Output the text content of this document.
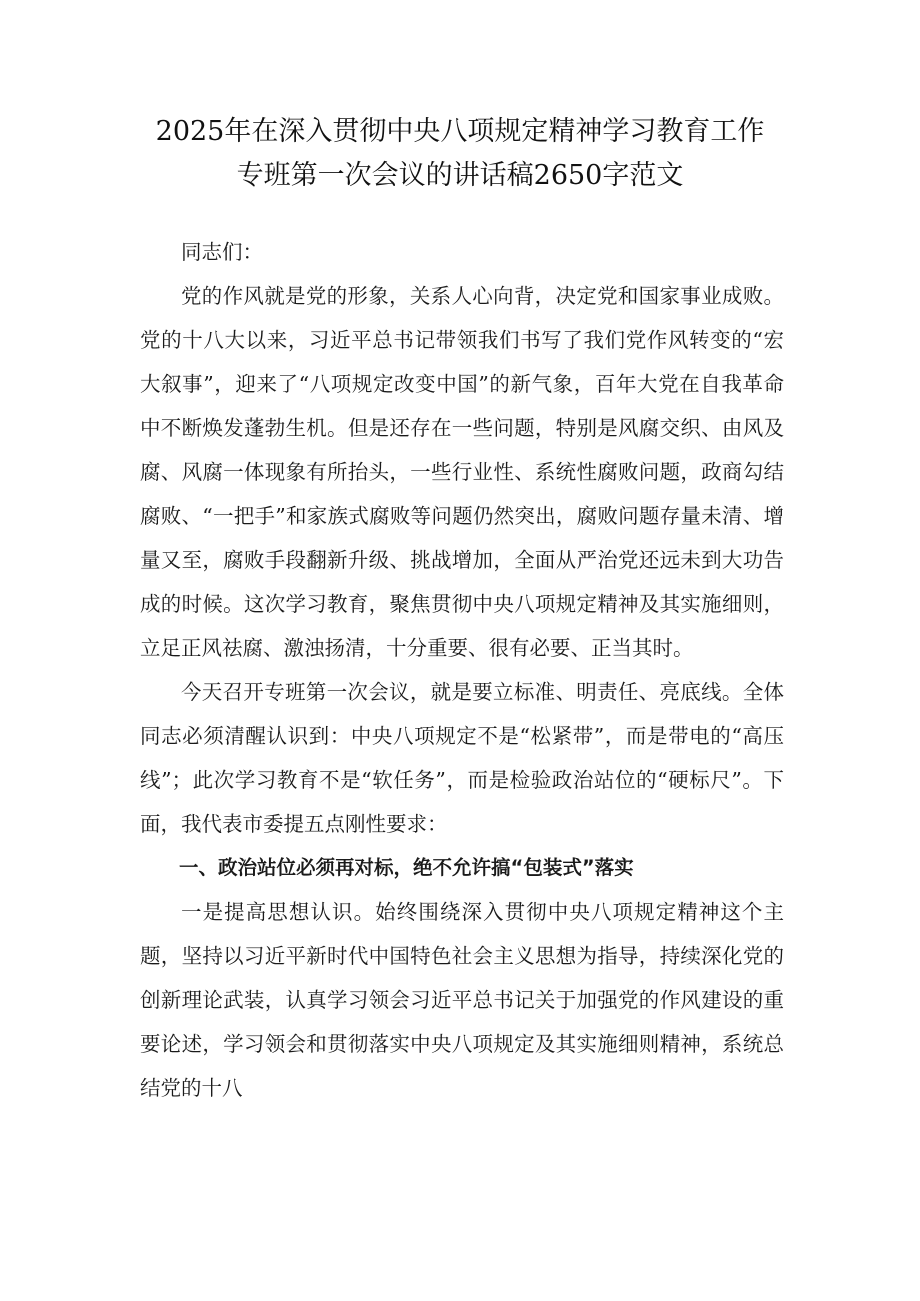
2025年在深入贯彻中央八项规定精神学习教育工作
专班第一次会议的讲话稿2650字范文

同志们：

党的作风就是党的形象，关系人心向背，决定党和国家事业成败。党的十八大以来，习近平总书记带领我们书写了我们党作风转变的“宏大叙事”，迎来了“八项规定改变中国”的新气象，百年大党在自我革命中不断焕发蓬勃生机。但是还存在一些问题，特别是风腐交织、由风及腐、风腐一体现象有所抬头，一些行业性、系统性腐败问题，政商勾结腐败、“一把手”和家族式腐败等问题仍然突出，腐败问题存量未清、增量又至，腐败手段翻新升级、挑战增加，全面从严治党还远未到大功告成的时候。这次学习教育，聚焦贯彻中央八项规定精神及其实施细则，立足正风祛腐、激浊扬清，十分重要、很有必要、正当其时。

今天召开专班第一次会议，就是要立标准、明责任、亮底线。全体同志必须清醒认识到：中央八项规定不是“松紧带”，而是带电的“高压线”；此次学习教育不是“软任务”，而是检验政治站位的“硬标尺”。下面，我代表市委提五点刚性要求：

一、政治站位必须再对标，绝不允许搞“包装式”落实

一是提高思想认识。始终围绕深入贯彻中央八项规定精神这个主题，坚持以习近平新时代中国特色社会主义思想为指导，持续深化党的创新理论武装，认真学习领会习近平总书记关于加强党的作风建设的重要论述，学习领会和贯彻落实中央八项规定及其实施细则精神，系统总结党的十八
